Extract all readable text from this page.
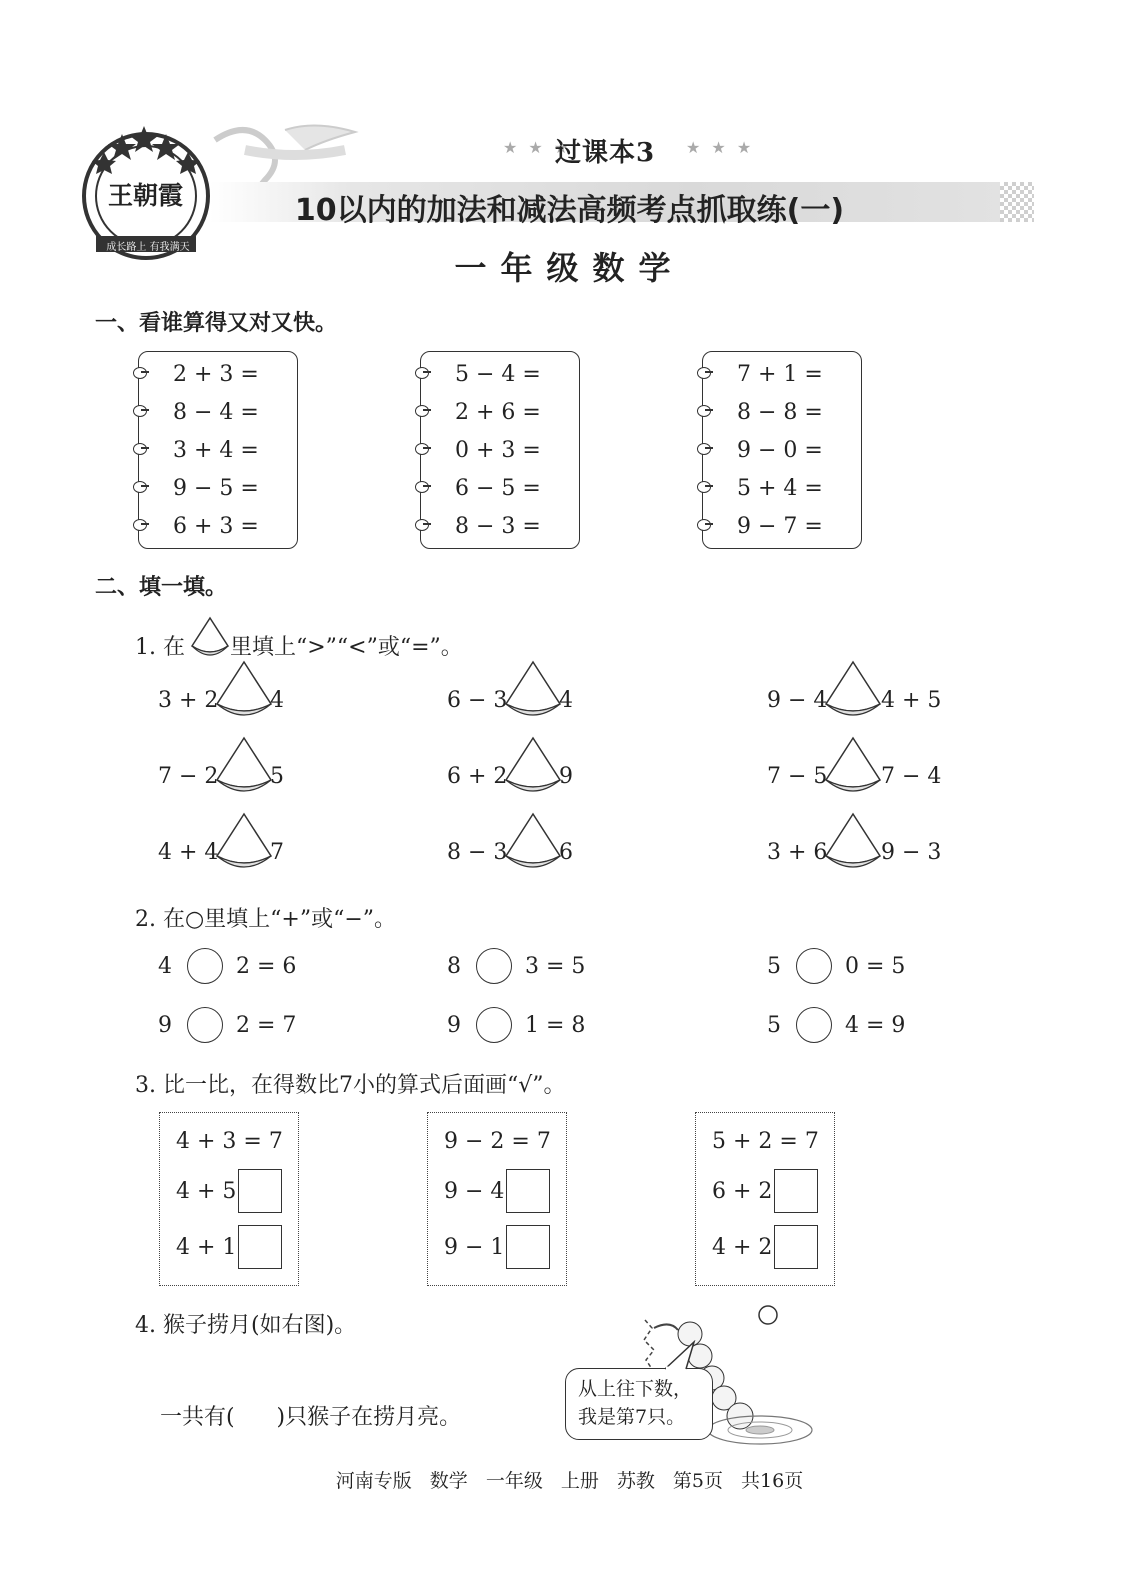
王朝霞
成长路上 有我满天
★ ★ ★
过课本3 ★ ★ ★
10以内的加法和减法高频考点抓取练(一)
一年级数学
一、看谁算得又对又快。
2 + 3 =
8 − 4 =
3 + 4 =
9 − 5 =
6 + 3 =
5 − 4 =
2 + 6 =
0 + 3 =
6 − 5 =
8 − 3 =
7 + 1 =
8 − 8 =
9 − 0 =
5 + 4 =
9 − 7 =
二、填一填。
1. 在 里填上“>”“<”或“=”。
3 + 2 4	6 − 3 4	9 − 4 4 + 5
7 − 2 5	6 + 2 9	7 − 5 7 − 4
4 + 4 7	8 − 3 6	3 + 6 9 − 3
2. 在○里填上“+”或“−”。
4	2 = 6	8	3 = 5	5	0 = 5
9	2 = 7	9	1 = 8	5	4 = 9
3. 比一比，在得数比7小的算式后面画“√”。
4 + 3 = 7
4 + 5
4 + 1
9 − 2 = 7
9 − 4
9 − 1
5 + 2 = 7
6 + 2
4 + 2
4. 猴子捞月(如右图)。
一共有(      )只猴子在捞月亮。
从上往下数，
我是第7只。
河南专版 数学 一年级 上册 苏教 第5页 共16页
